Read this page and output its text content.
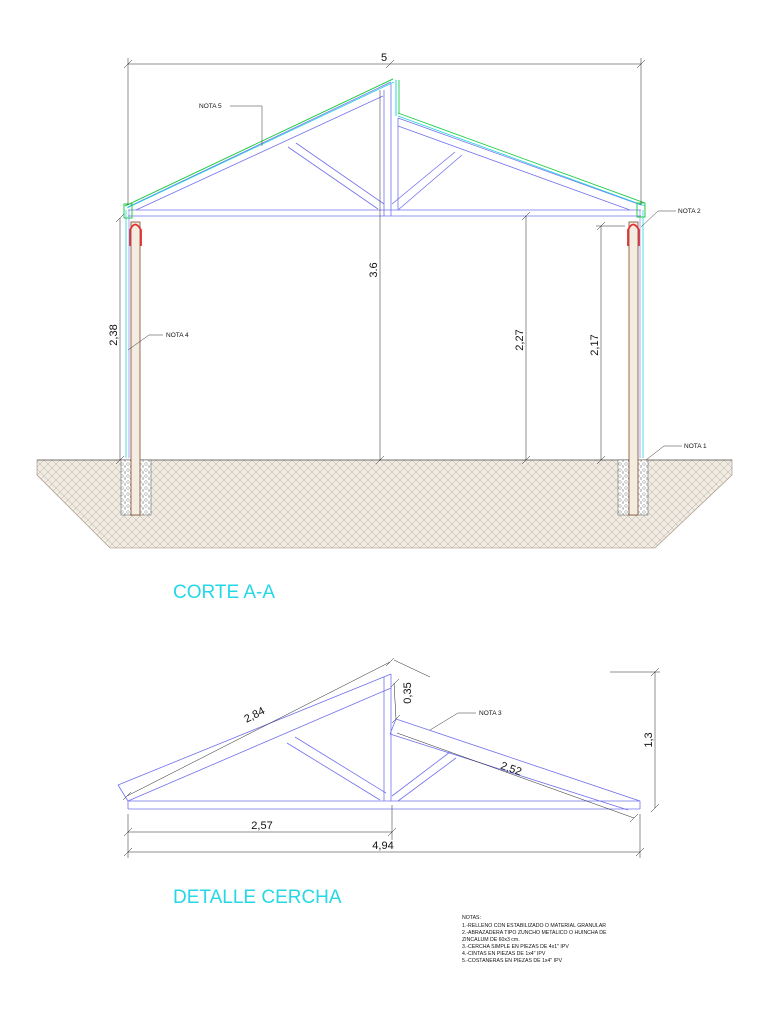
5
3.6
2,38	2,27	2,17
NOTA 5
NOTA 4
NOTA 2
NOTA 1
CORTE A-A
2,84
0,35
2,52
1,3
2,57
4,94
NOTA 3
DETALLE CERCHA
NOTAS:
1.-RELLENO CON ESTABILIZADO O MATERIAL GRANULAR
2.-ABRAZADERA TIPO ZUNCHO METALICO O HUINCHA DE
ZINCALUM DE 60x3 cm.
3.-CERCHA SIMPLE EN PIEZAS DE 4x1" IPV
4.-CINTAS EN PIEZAS DE 1x4" IPV
5.-COSTANERAS EN PIEZAS DE 1x4" IPV
